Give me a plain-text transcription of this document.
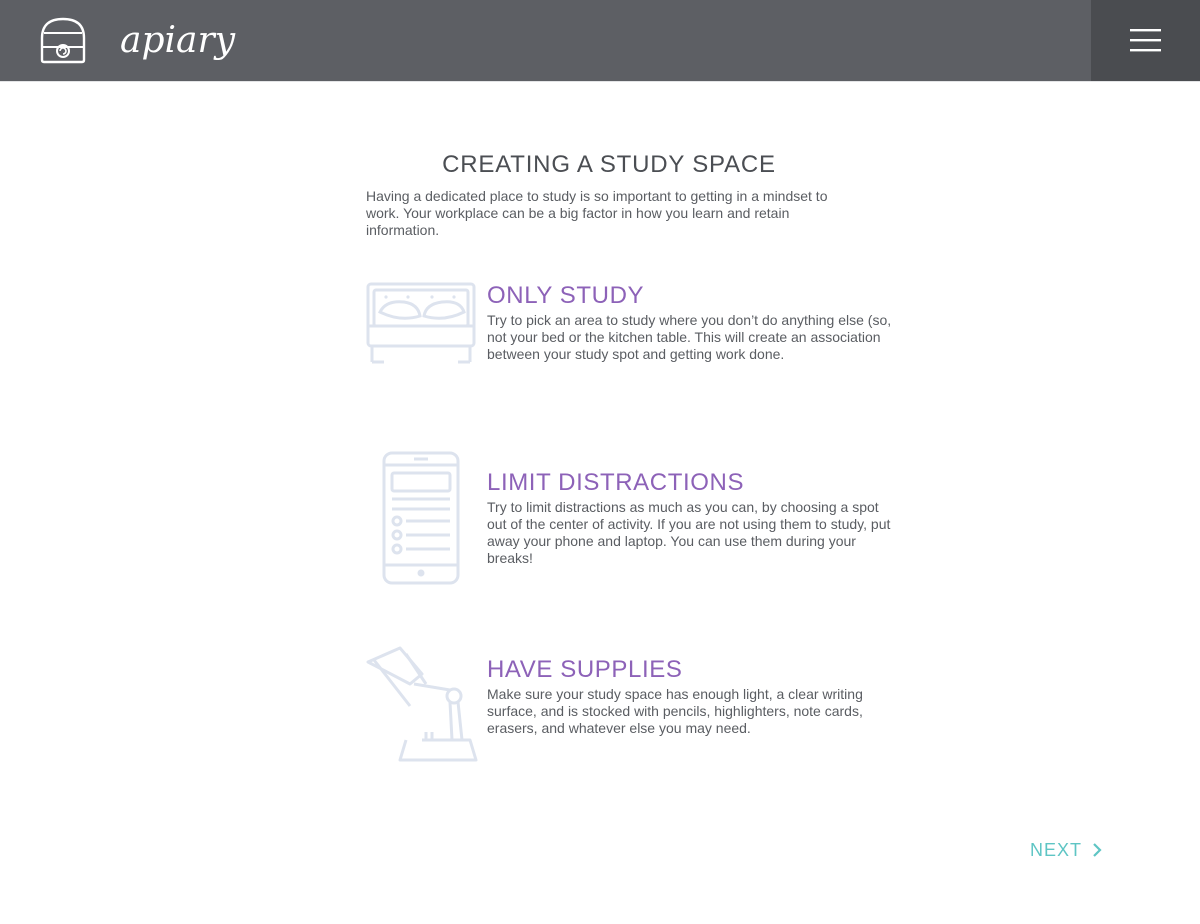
apiary
CREATING A STUDY SPACE

Having a dedicated place to study is so important to getting in a mindset to work. Your workplace can be a big factor in how you learn and retain information.

ONLY STUDY

Try to pick an area to study where you don’t do anything else (so, not your bed or the kitchen table. This will create an association between your study spot and getting work done.

LIMIT DISTRACTIONS

Try to limit distractions as much as you can, by choosing a spot out of the center of activity. If you are not using them to study, put away your phone and laptop. You can use them during your breaks!

HAVE SUPPLIES

Make sure your study space has enough light, a clear writing surface, and is stocked with pencils, highlighters, note cards, erasers, and whatever else you may need.

NEXT
